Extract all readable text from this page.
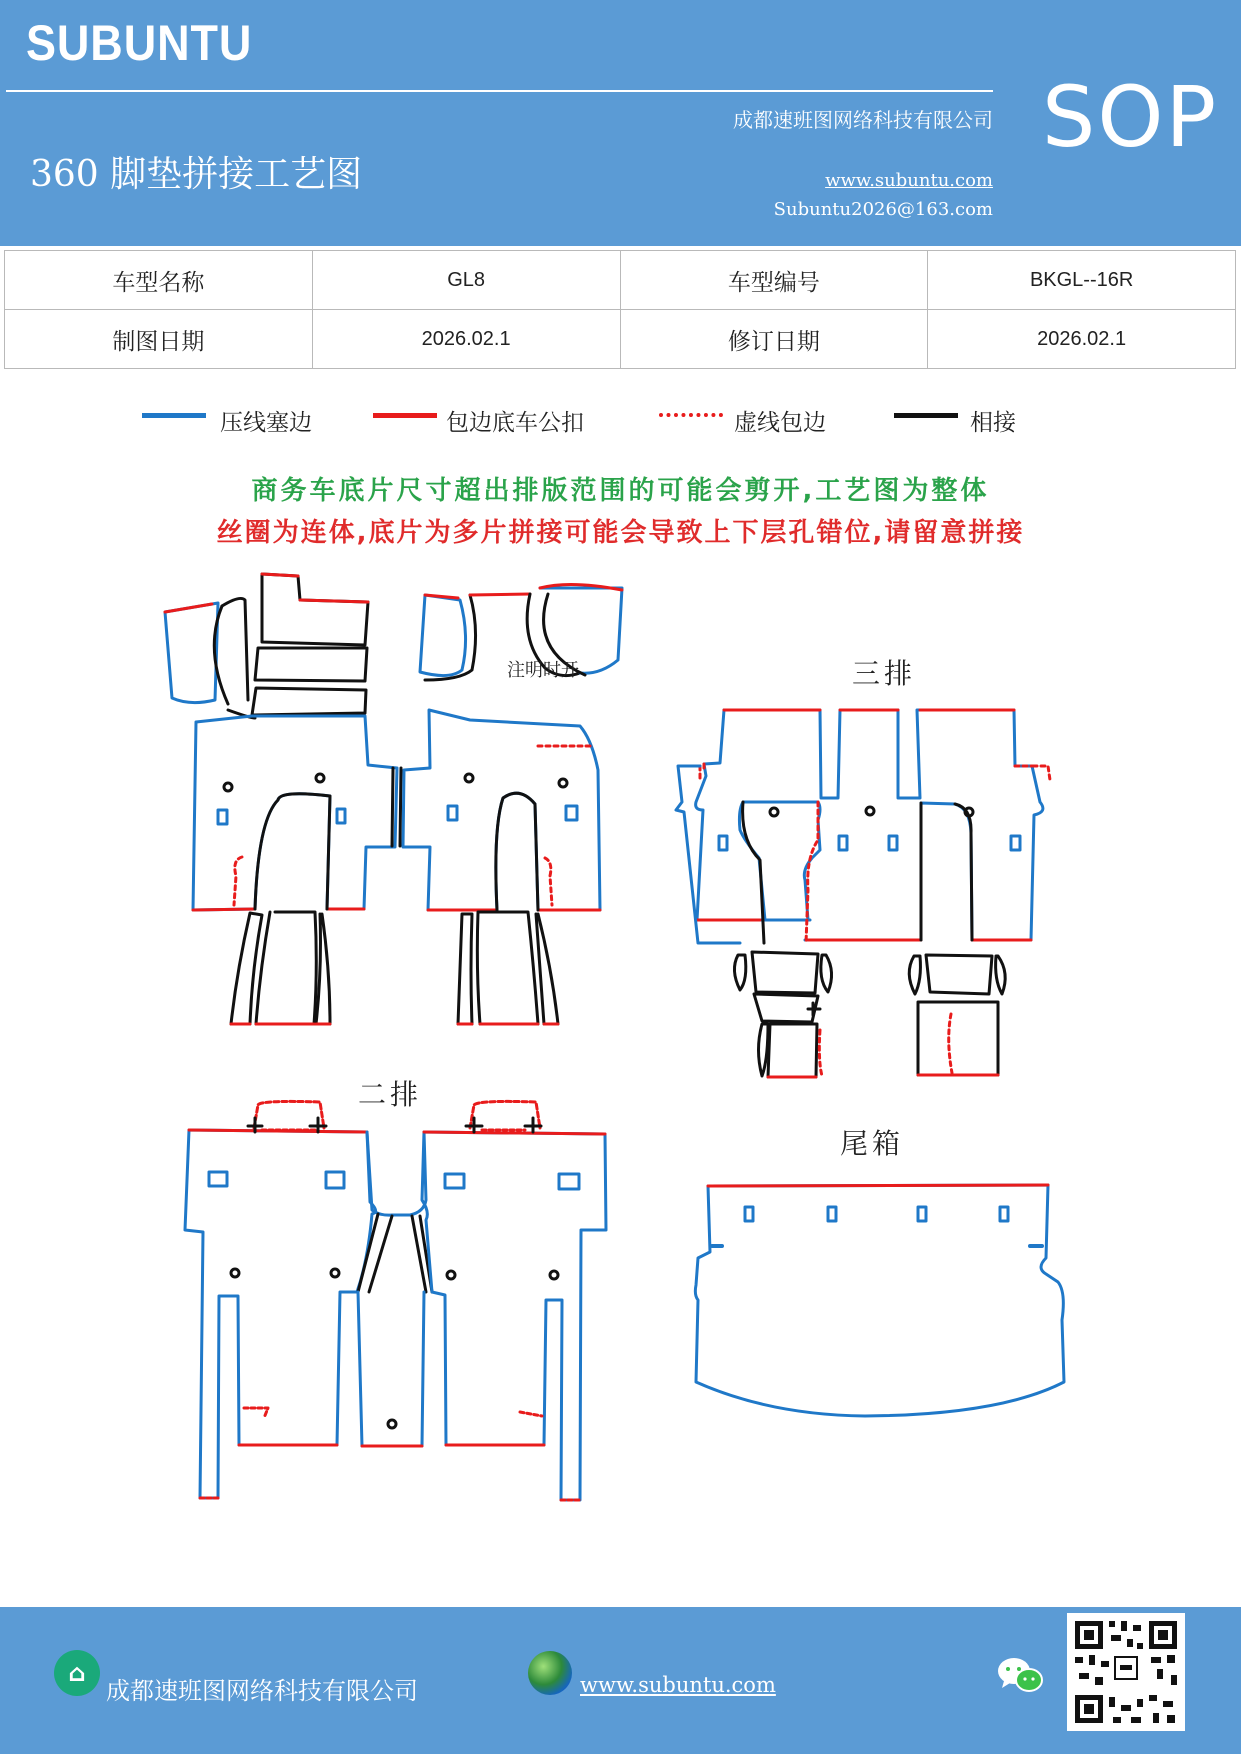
SUBUNTU
成都速班图网络科技有限公司
360 脚垫拼接工艺图	www.subuntu.com
Subuntu2026@163.com
SOP
车型名称	GL8	车型编号	BKGL--16R
制图日期	2026.02.1	修订日期	2026.02.1
压线塞边	包边底车公扣	虚线包边	相接
商务车底片尺寸超出排版范围的可能会剪开,工艺图为整体
丝圈为连体,底片为多片拼接可能会导致上下层孔错位,请留意拼接
注明时开	三排
二排
尾箱
⌂
成都速班图网络科技有限公司	www.subuntu.com
